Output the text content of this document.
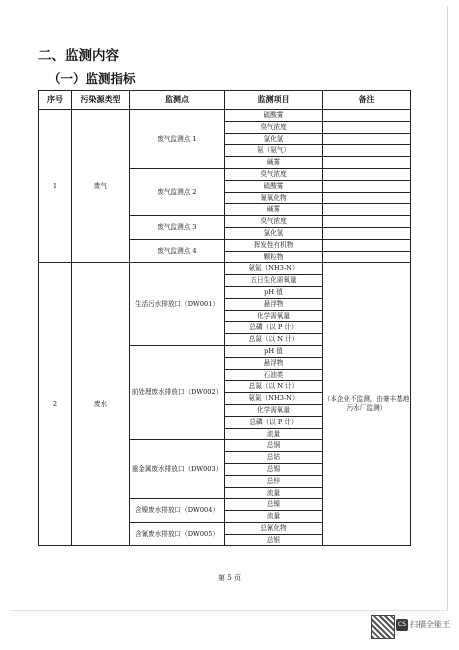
二、监测内容
（一）监测指标
序号	污染源类型	监测点	监测项目	备注
1	废气	废气监测点 1	硫酸雾	
			臭气浓度	
			氯化氢	
			氨（氨气）	
			碱雾	
		废气监测点 2	臭气浓度	
			硫酸雾	
			氰氧化物	
			碱雾	
		废气监测点 3	臭气浓度	
			氯化氢	
		废气监测点 4	挥发性有机物	
			颗粒物	
2	废水	生活污水排放口（DW001）	氨氮（NH3-N）	（本企业不监测，由豪丰基地污水厂监测）
			五日生化需氧量	
			pH 值	
			悬浮物	
			化学需氧量	
			总磷（以 P 计）	
			总氮（以 N 计）	
		前处理废水排放口（DW002）	pH 值	
			悬浮物	
			石油类	
			总氮（以 N 计）	
			氨氮（NH3-N）	
			化学需氧量	
			总磷（以 P 计）	
			流量	
		重金属废水排放口（DW003）	总铜	
			总钴	
			总锡	
			总锌	
			流量	
		含镍废水排放口（DW004）	总镍	
			流量	
		含氰废水排放口（DW005）	总氰化物	
			总银	
第 5 页
CS 扫描全能王
